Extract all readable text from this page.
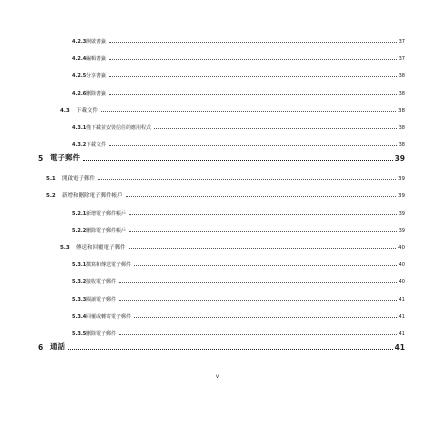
4.2.3 開啟書籤	37
4.2.4 編輯書籤	37
4.2.5 分享書籤	38
4.2.6 刪除書籤	38
4.3	下載文件	38
4.3.1 僅下載並安裝信任的應用程式	38
4.3.2 下載文件	38
5 電子郵件	39
5.1	開啟電子郵件	39
5.2	新增和刪除電子郵件帳戶	39
5.2.1 新增電子郵件帳戶	39
5.2.2 刪除電子郵件帳戶	39
5.3	傳送和回覆電子郵件	40
5.3.1 撰寫和傳送電子郵件	40
5.3.2 接收電子郵件	40
5.3.3 閱讀電子郵件	41
5.3.4 回覆或轉寄電子郵件	41
5.3.5 刪除電子郵件	41
6 通話	41
v
